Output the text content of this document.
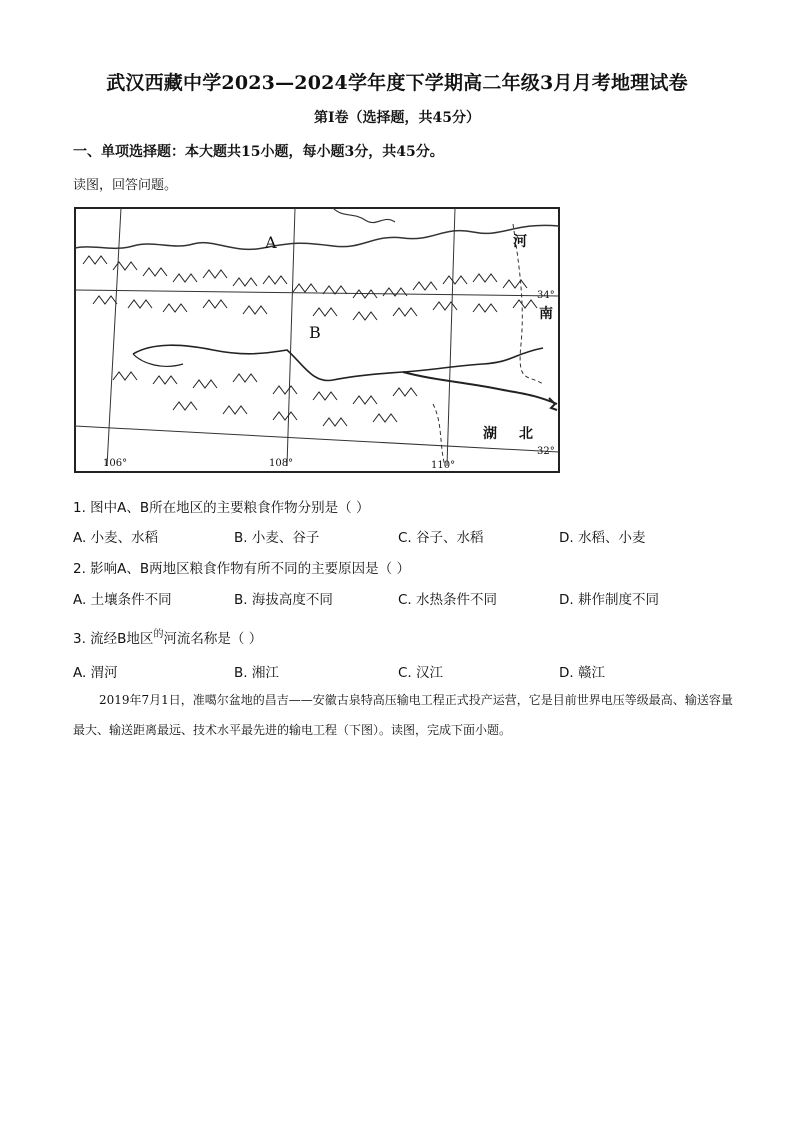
武汉西藏中学2023—2024学年度下学期高二年级3月月考地理试卷
第I卷（选择题，共45分）
一、单项选择题：本大题共15小题，每小题3分，共45分。
读图，回答问题。
A
B
河
南
湖 北
34°
32°
106°	108°	110°
1. 图中A、B所在地区的主要粮食作物分别是（ ）
A. 小麦、水稻	B. 小麦、谷子	C. 谷子、水稻	D. 水稻、小麦
2. 影响A、B两地区粮食作物有所不同的主要原因是（ ）
A. 土壤条件不同	B. 海拔高度不同	C. 水热条件不同	D. 耕作制度不同
3. 流经B地区$^的$河流名称是（ ）
A. 渭河	B. 湘江	C. 汉江	D. 赣江
2019年7月1日，准噶尔盆地的昌吉——安徽古泉特高压输电工程正式投产运营，它是目前世界电压等级最高、输送容量最大、输送距离最远、技术水平最先进的输电工程（下图）。读图，完成下面小题。
